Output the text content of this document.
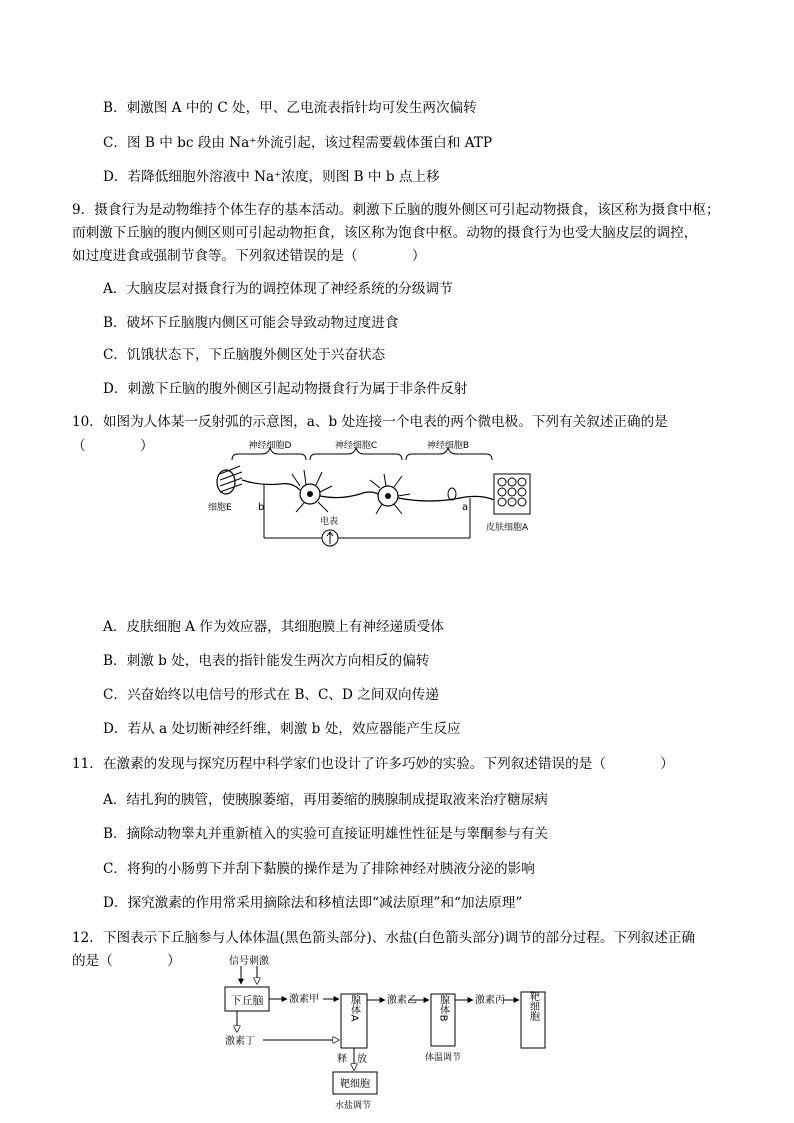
B．刺激图 A 中的 C 处，甲、乙电流表指针均可发生两次偏转
C．图 B 中 bc 段由 Na⁺外流引起，该过程需要载体蛋白和 ATP
D．若降低细胞外溶液中 Na⁺浓度，则图 B 中 b 点上移
9．摄食行为是动物维持个体生存的基本活动。刺激下丘脑的腹外侧区可引起动物摄食，该区称为摄食中枢；
而刺激下丘脑的腹内侧区则可引起动物拒食，该区称为饱食中枢。动物的摄食行为也受大脑皮层的调控，
如过度进食或强制节食等。下列叙述错误的是（　　　　）
A．大脑皮层对摄食行为的调控体现了神经系统的分级调节
B．破坏下丘脑腹内侧区可能会导致动物过度进食
C．饥饿状态下，下丘脑腹外侧区处于兴奋状态
D．刺激下丘脑的腹外侧区引起动物摄食行为属于非条件反射
10．如图为人体某一反射弧的示意图，a、b 处连接一个电表的两个微电极。下列有关叙述正确的是
（　　　　）	神经细胞D	神经细胞C	神经细胞B
细胞E
皮肤细胞A
电表
b	a
A．皮肤细胞 A 作为效应器，其细胞膜上有神经递质受体
B．刺激 b 处，电表的指针能发生两次方向相反的偏转
C．兴奋始终以电信号的形式在 B、C、D 之间双向传递
D．若从 a 处切断神经纤维，刺激 b 处，效应器能产生反应
11．在激素的发现与探究历程中科学家们也设计了许多巧妙的实验。下列叙述错误的是（　　　　）
A．结扎狗的胰管，使胰腺萎缩，再用萎缩的胰腺制成提取液来治疗糖尿病
B．摘除动物睾丸并重新植入的实验可直接证明雄性性征是与睾酮参与有关
C．将狗的小肠剪下并刮下黏膜的操作是为了排除神经对胰液分泌的影响
D．探究激素的作用常采用摘除法和移植法即“减法原理”和“加法原理”
12．下图表示下丘脑参与人体体温(黑色箭头部分)、水盐(白色箭头部分)调节的部分过程。下列叙述正确
的是（　　　　）	信号刺激
下丘脑	激素甲
激素丁
腺体A	激素乙
释　放
靶细胞
水盐调节
腺体B
体温调节
激素丙 靶细胞
